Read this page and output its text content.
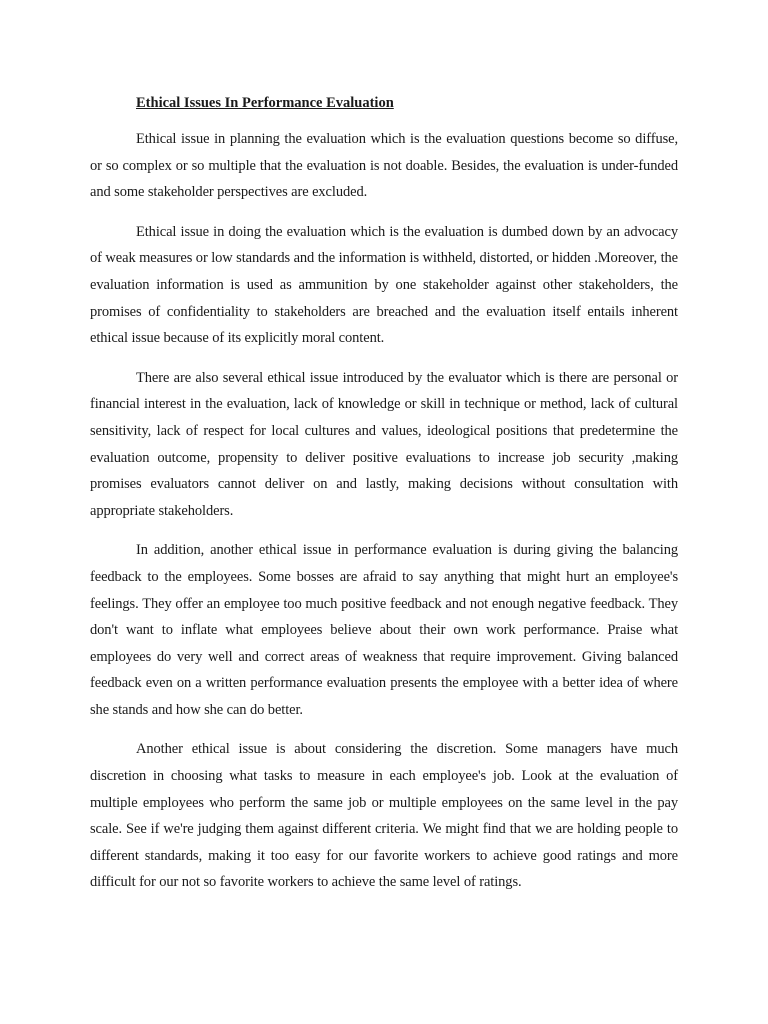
Ethical Issues In Performance Evaluation

Ethical issue in planning the evaluation which is the evaluation questions become so diffuse, or so complex or so multiple that the evaluation is not doable. Besides, the evaluation is under-funded and some stakeholder perspectives are excluded.

Ethical issue in doing the evaluation which is the evaluation is dumbed down by an advocacy of weak measures or low standards and the information is withheld, distorted, or hidden .Moreover, the evaluation information is used as ammunition by one stakeholder against other stakeholders, the promises of confidentiality to stakeholders are breached and the evaluation itself entails inherent ethical issue because of its explicitly moral content.

There are also several ethical issue introduced by the evaluator which is there are personal or financial interest in the evaluation, lack of knowledge or skill in technique or method, lack of cultural sensitivity, lack of respect for local cultures and values, ideological positions that predetermine the evaluation outcome, propensity to deliver positive evaluations to increase job security ,making promises evaluators cannot deliver on and lastly, making decisions without consultation with appropriate stakeholders.

In addition, another ethical issue in performance evaluation is during giving the balancing feedback to the employees. Some bosses are afraid to say anything that might hurt an employee's feelings. They offer an employee too much positive feedback and not enough negative feedback. They don't want to inflate what employees believe about their own work performance. Praise what employees do very well and correct areas of weakness that require improvement. Giving balanced feedback even on a written performance evaluation presents the employee with a better idea of where she stands and how she can do better.

Another ethical issue is about considering the discretion. Some managers have much discretion in choosing what tasks to measure in each employee's job. Look at the evaluation of multiple employees who perform the same job or multiple employees on the same level in the pay scale. See if we're judging them against different criteria. We might find that we are holding people to different standards, making it too easy for our favorite workers to achieve good ratings and more difficult for our not so favorite workers to achieve the same level of ratings.
